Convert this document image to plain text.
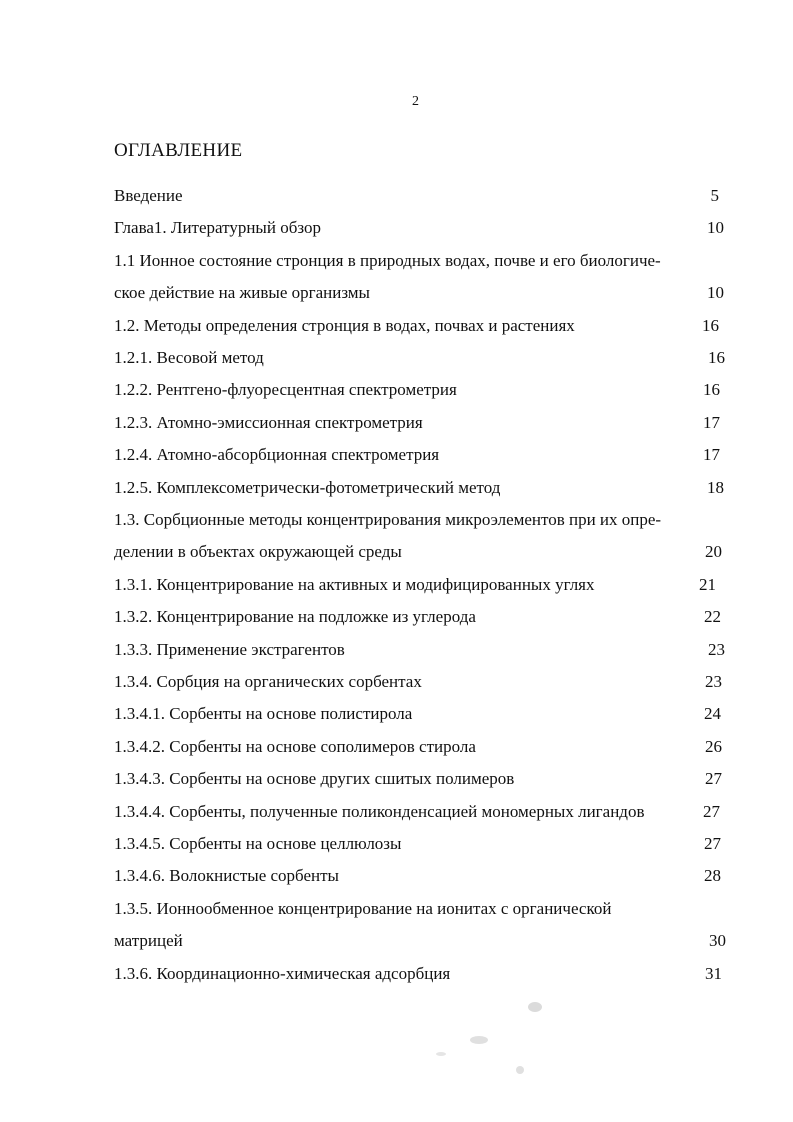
2
ОГЛАВЛЕНИЕ
Введение	5
Глава1. Литературный обзор	10
1.1 Ионное состояние стронция в природных водах, почве и его биологиче-
ское действие на живые организмы	10
1.2. Методы определения стронция в водах, почвах и растениях	16
1.2.1. Весовой метод	16
1.2.2. Рентгено-флуоресцентная спектрометрия	16
1.2.3. Атомно-эмиссионная спектрометрия	17
1.2.4. Атомно-абсорбционная спектрометрия	17
1.2.5. Комплексометрически-фотометрический метод	18
1.3. Сорбционные методы концентрирования микроэлементов при их опре-
делении в объектах окружающей среды	20
1.3.1. Концентрирование на активных и модифицированных углях	21
1.3.2. Концентрирование на подложке из углерода	22
1.3.3. Применение экстрагентов	23
1.3.4. Сорбция на органических сорбентах	23
1.3.4.1. Сорбенты на основе полистирола	24
1.3.4.2. Сорбенты на основе сополимеров стирола	26
1.3.4.3. Сорбенты на основе других сшитых полимеров	27
1.3.4.4. Сорбенты, полученные поликонденсацией мономерных лигандов	27
1.3.4.5. Сорбенты на основе целлюлозы	27
1.3.4.6. Волокнистые сорбенты	28
1.3.5. Ионнообменное концентрирование на ионитах с органической
матрицей	30
1.3.6. Координационно-химическая адсорбция	31
